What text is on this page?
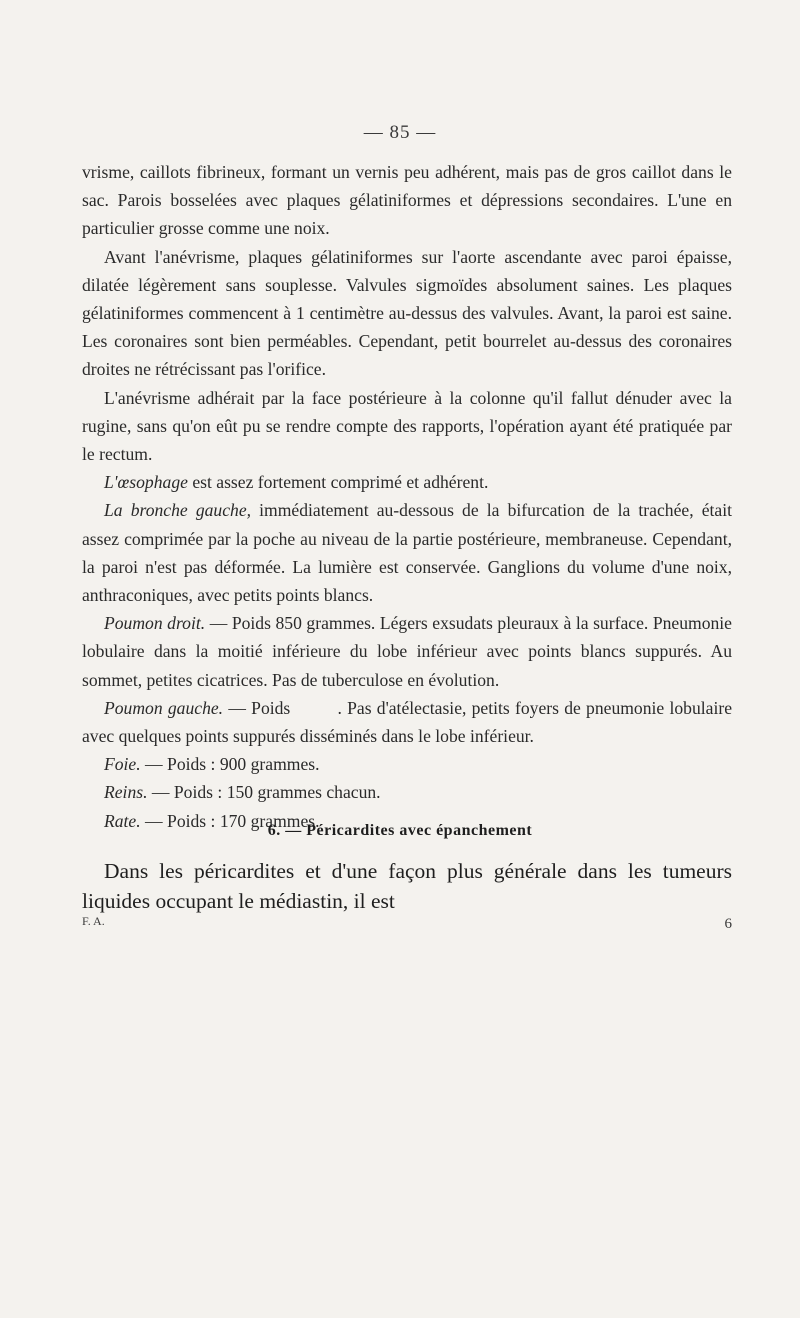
— 85 —

vrisme, caillots fibrineux, formant un vernis peu adhérent, mais pas de gros caillot dans le sac. Parois bosselées avec plaques gélatiniformes et dépressions secondaires. L'une en particulier grosse comme une noix.

Avant l'anévrisme, plaques gélatiniformes sur l'aorte ascendante avec paroi épaisse, dilatée légèrement sans souplesse. Valvules sigmoïdes absolument saines. Les plaques gélatiniformes commencent à 1 centimètre au-dessus des valvules. Avant, la paroi est saine. Les coronaires sont bien perméables. Cependant, petit bourrelet au-dessus des coronaires droites ne rétrécissant pas l'orifice.

L'anévrisme adhérait par la face postérieure à la colonne qu'il fallut dénuder avec la rugine, sans qu'on eût pu se rendre compte des rapports, l'opération ayant été pratiquée par le rectum.

L'œsophage est assez fortement comprimé et adhérent.

La bronche gauche, immédiatement au-dessous de la bifurcation de la trachée, était assez comprimée par la poche au niveau de la partie postérieure, membraneuse. Cependant, la paroi n'est pas déformée. La lumière est conservée. Ganglions du volume d'une noix, anthraconiques, avec petits points blancs.

Poumon droit. — Poids 850 grammes. Légers exsudats pleuraux à la surface. Pneumonie lobulaire dans la moitié inférieure du lobe inférieur avec points blancs suppurés. Au sommet, petites cicatrices. Pas de tuberculose en évolution.

Poumon gauche. — Poids         . Pas d'atélectasie, petits foyers de pneumonie lobulaire avec quelques points suppurés disséminés dans le lobe inférieur.

Foie. — Poids : 900 grammes.

Reins. — Poids : 150 grammes chacun.

Rate. — Poids : 170 grammes.

6. — Péricardites avec épanchement

Dans les péricardites et d'une façon plus générale dans les tumeurs liquides occupant le médiastin, il est

F. A.	6
